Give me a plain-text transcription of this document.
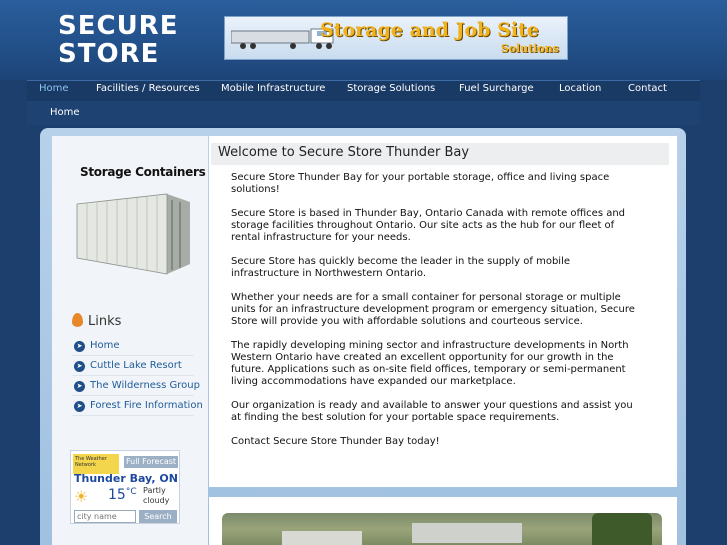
SECURE
STORE
Storage and Job Site
Solutions
Home	Facilities / Resources Mobile Infrastructure Storage Solutions Fuel Surcharge	Location	Contact
Home
Storage Containers
Links
➤ Home
➤ Cuttle Lake Resort
➤ The Wilderness Group
➤ Forest Fire Information
The Weather Network	Full Forecast
Thunder Bay, ON
☀ $15^{^\circ C}$ Partly
cloudy
city name
Search
Welcome to Secure Store Thunder Bay

Secure Store Thunder Bay for your portable storage, office and living space solutions!

Secure Store is based in Thunder Bay, Ontario Canada with remote offices and storage facilities throughout Ontario. Our site acts as the hub for our fleet of rental infrastructure for your needs.

Secure Store has quickly become the leader in the supply of mobile infrastructure in Northwestern Ontario.

Whether your needs are for a small container for personal storage or multiple units for an infrastructure development program or emergency situation, Secure Store will provide you with affordable solutions and courteous service.

The rapidly developing mining sector and infrastructure developments in North Western Ontario have created an excellent opportunity for our growth in the future. Applications such as on-site field offices, temporary or semi-permanent living accommodations have expanded our marketplace.

Our organization is ready and available to answer your questions and assist you at finding the best solution for your portable space requirements.

Contact Secure Store Thunder Bay today!
